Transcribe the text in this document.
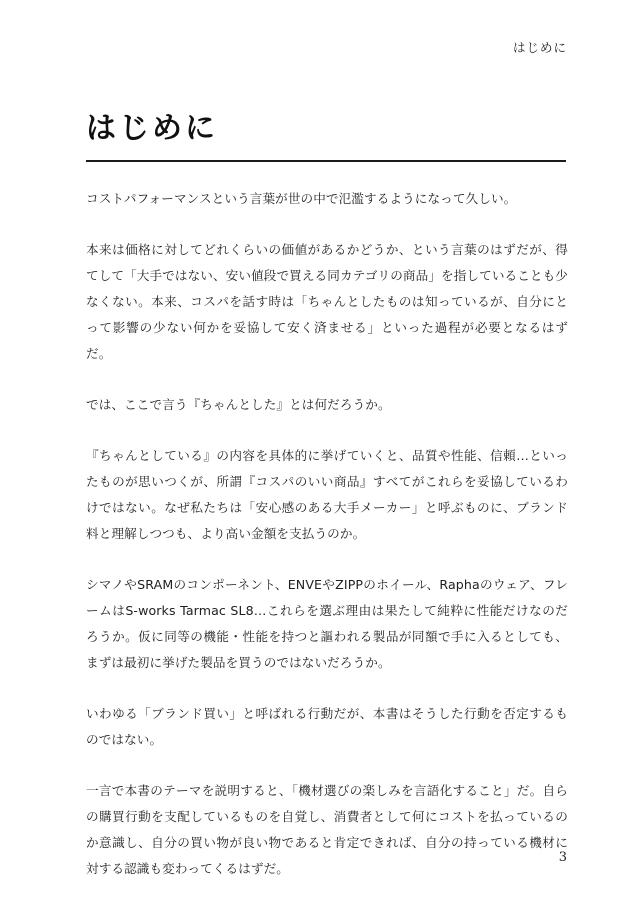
はじめに
はじめに

コストパフォーマンスという言葉が世の中で氾濫するようになって久しい。

本来は価格に対してどれくらいの価値があるかどうか、という言葉のはずだが、得てして「大手ではない、安い値段で買える同カテゴリの商品」を指していることも少なくない。本来、コスパを話す時は「ちゃんとしたものは知っているが、自分にとって影響の少ない何かを妥協して安く済ませる」といった過程が必要となるはずだ。

では、ここで言う『ちゃんとした』とは何だろうか。

『ちゃんとしている』の内容を具体的に挙げていくと、品質や性能、信頼…といったものが思いつくが、所謂『コスパのいい商品』すべてがこれらを妥協しているわけではない。なぜ私たちは「安心感のある大手メーカー」と呼ぶものに、ブランド料と理解しつつも、より高い金額を支払うのか。

シマノやSRAMのコンポーネント、ENVEやZIPPのホイール、Raphaのウェア、フレームはS-works Tarmac SL8…これらを選ぶ理由は果たして純粋に性能だけなのだろうか。仮に同等の機能・性能を持つと謳われる製品が同額で手に入るとしても、まずは最初に挙げた製品を買うのではないだろうか。

いわゆる「ブランド買い」と呼ばれる行動だが、本書はそうした行動を否定するものではない。

一言で本書のテーマを説明すると、「機材選びの楽しみを言語化すること」だ。自らの購買行動を支配しているものを自覚し、消費者として何にコストを払っているのか意識し、自分の買い物が良い物であると肯定できれば、自分の持っている機材に対する認識も変わってくるはずだ。

3
